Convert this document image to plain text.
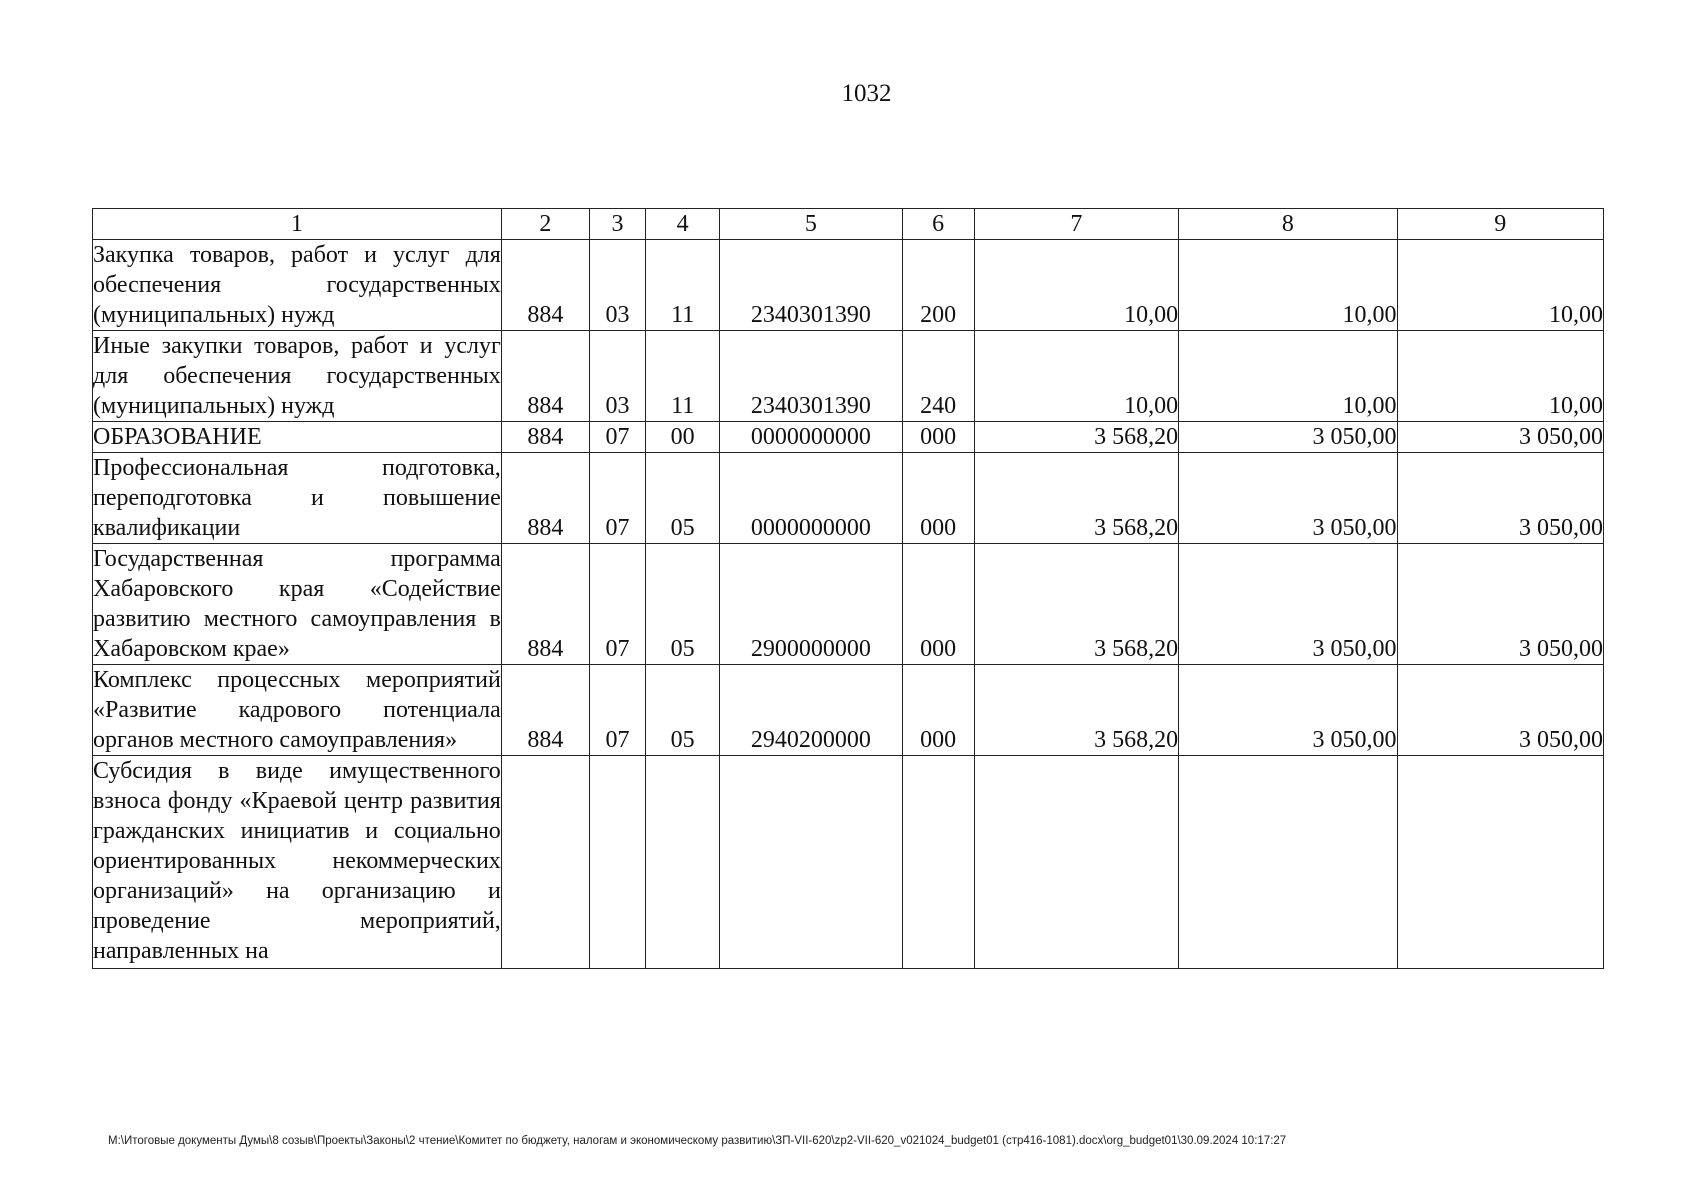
1032
1	2	3	4	5	6	7	8	9
Закупка товаров, работ и услуг для обеспечения государственных (муниципальных) нужд	884	03	11	2340301390	200	10,00	10,00	10,00
Иные закупки товаров, работ и услуг для обеспечения государственных (муниципальных) нужд	884	03	11	2340301390	240	10,00	10,00	10,00
ОБРАЗОВАНИЕ	884	07	00	0000000000	000	3 568,20	3 050,00	3 050,00
Профессиональная подготовка, переподготовка и повышение квалификации	884	07	05	0000000000	000	3 568,20	3 050,00	3 050,00
Государственная программа Хабаровского края «Содействие развитию местного самоуправления в Хабаровском крае»	884	07	05	2900000000	000	3 568,20	3 050,00	3 050,00
Комплекс процессных мероприятий «Развитие кадрового потенциала органов местного самоуправления»	884	07	05	2940200000	000	3 568,20	3 050,00	3 050,00
Субсидия в виде имущественного взноса фонду «Краевой центр развития гражданских инициатив и социально ориентированных некоммерческих организаций» на организацию и проведение мероприятий, направленных на								
M:\Итоговые документы Думы\8 созыв\Проекты\Законы\2 чтение\Комитет по бюджету, налогам и экономическому развитию\ЗП-VII-620\zp2-VII-620_v021024_budget01 (стр416-1081).docx\org_budget01\30.09.2024 10:17:27
